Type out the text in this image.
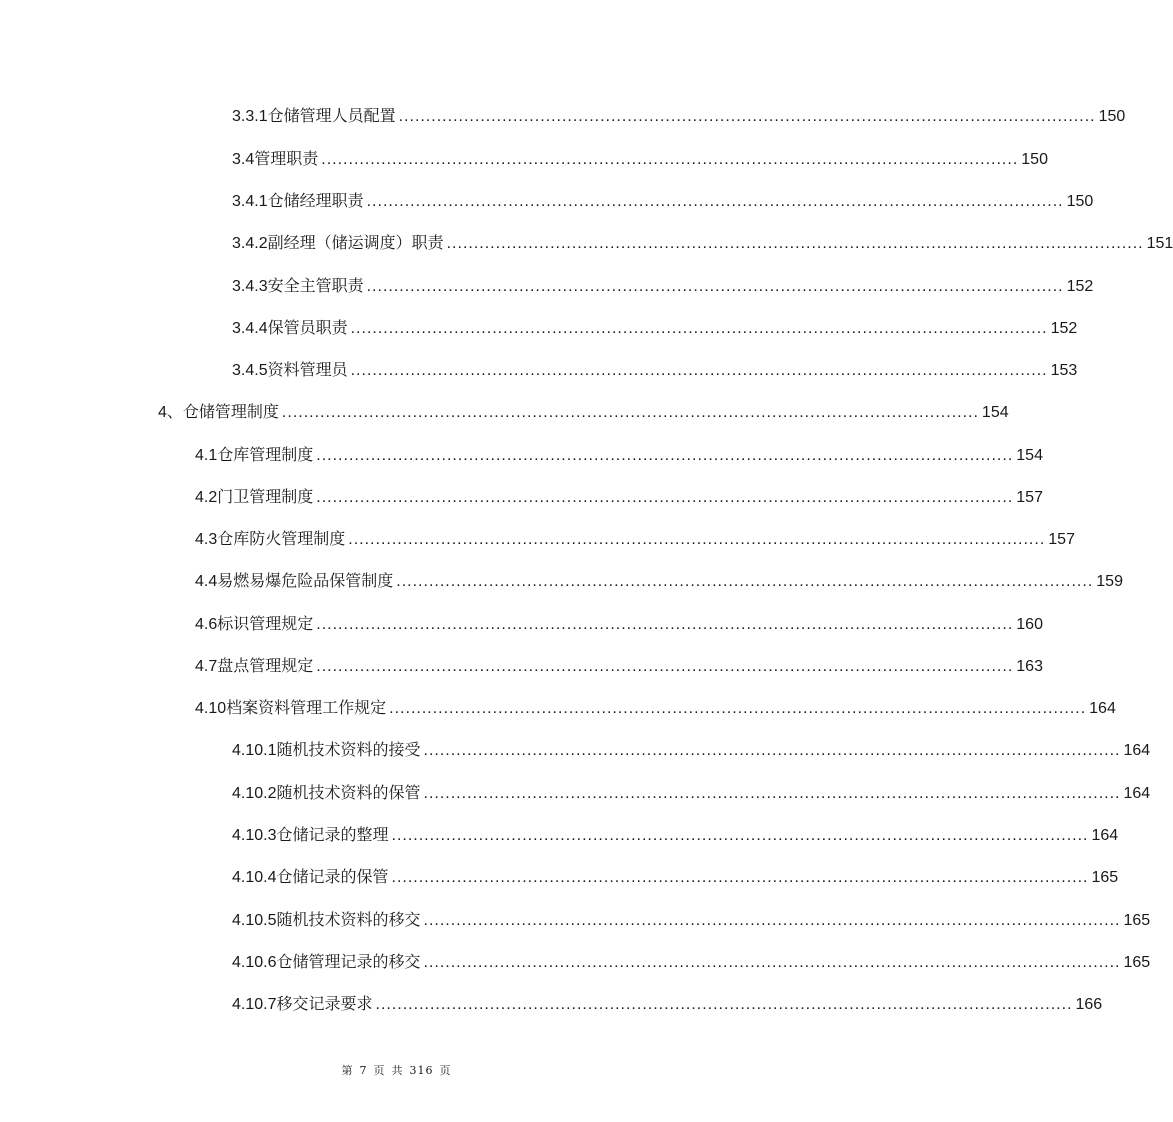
3.3.1 仓储管理人员配置 ................................................................................................................................ 150
3.4 管理职责 ................................................................................................................................ 150
3.4.1 仓储经理职责 ................................................................................................................................ 150
3.4.2 副经理（储运调度）职责 ................................................................................................................................ 151
3.4.3 安全主管职责 ................................................................................................................................ 152
3.4.4 保管员职责 ................................................................................................................................ 152
3.4.5 资料管理员 ................................................................................................................................ 153
4、 仓储管理制度 ................................................................................................................................ 154
4.1 仓库管理制度 ................................................................................................................................ 154
4.2 门卫管理制度 ................................................................................................................................ 157
4.3 仓库防火管理制度 ................................................................................................................................ 157
4.4 易燃易爆危险品保管制度 ................................................................................................................................ 159
4.6 标识管理规定 ................................................................................................................................ 160
4.7 盘点管理规定 ................................................................................................................................ 163
4.10 档案资料管理工作规定 ................................................................................................................................ 164
4.10.1 随机技术资料的接受 ................................................................................................................................ 164
4.10.2 随机技术资料的保管 ................................................................................................................................ 164
4.10.3 仓储记录的整理 ................................................................................................................................ 164
4.10.4 仓储记录的保管 ................................................................................................................................ 165
4.10.5 随机技术资料的移交 ................................................................................................................................ 165
4.10.6 仓储管理记录的移交 ................................................................................................................................ 165
4.10.7 移交记录要求 ................................................................................................................................ 166
第 7 页 共 316 页
